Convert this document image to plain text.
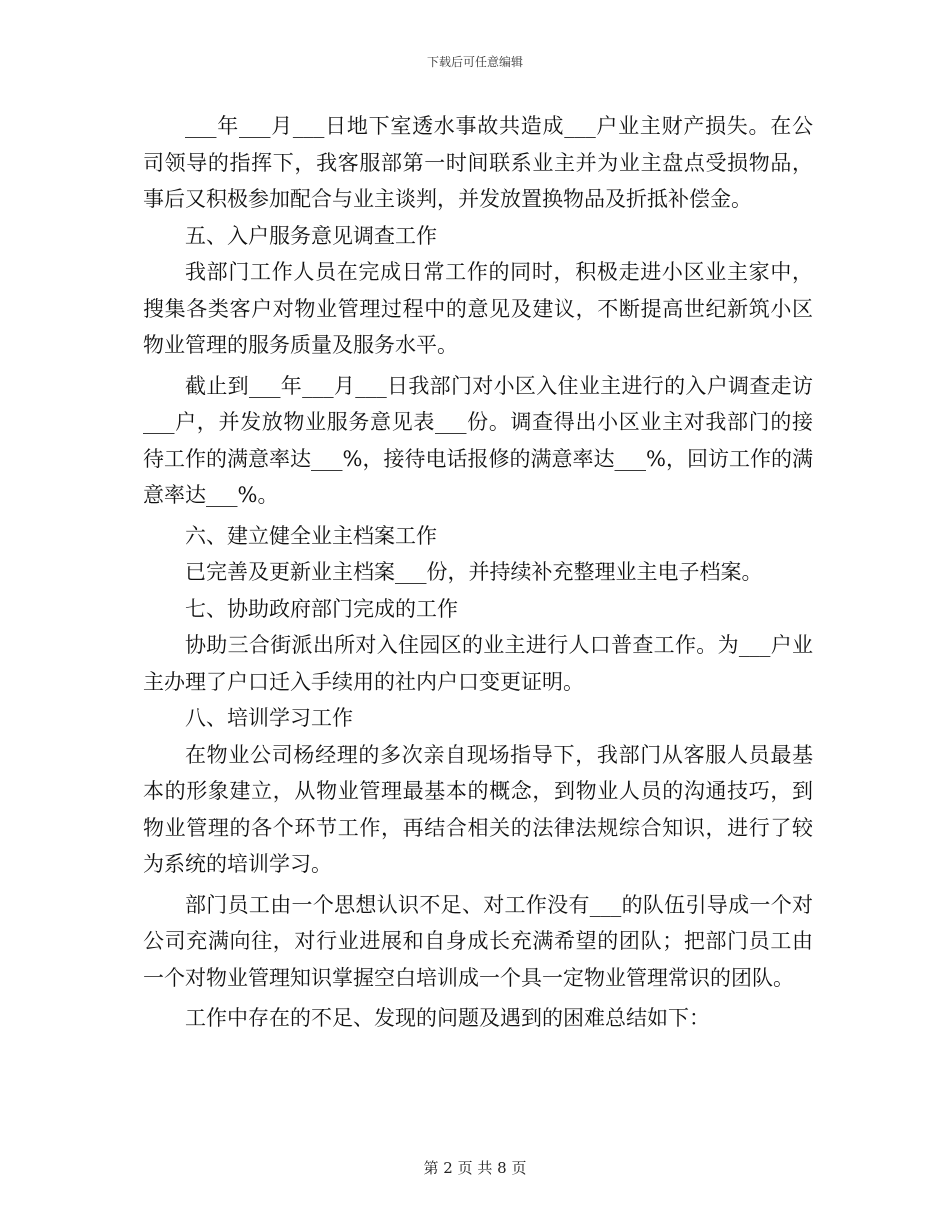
下载后可任意编辑

___年___月___日地下室透水事故共造成___户业主财产损失。在公司领导的指挥下，我客服部第一时间联系业主并为业主盘点受损物品，事后又积极参加配合与业主谈判，并发放置换物品及折抵补偿金。

五、入户服务意见调查工作

我部门工作人员在完成日常工作的同时，积极走进小区业主家中，搜集各类客户对物业管理过程中的意见及建议，不断提高世纪新筑小区物业管理的服务质量及服务水平。

截止到___年___月___日我部门对小区入住业主进行的入户调查走访___户，并发放物业服务意见表___份。调查得出小区业主对我部门的接待工作的满意率达___%，接待电话报修的满意率达___%，回访工作的满意率达___%。

六、建立健全业主档案工作

已完善及更新业主档案___份，并持续补充整理业主电子档案。

七、协助政府部门完成的工作

协助三合街派出所对入住园区的业主进行人口普查工作。为___户业主办理了户口迁入手续用的社内户口变更证明。

八、培训学习工作

在物业公司杨经理的多次亲自现场指导下，我部门从客服人员最基本的形象建立，从物业管理最基本的概念，到物业人员的沟通技巧，到物业管理的各个环节工作，再结合相关的法律法规综合知识，进行了较为系统的培训学习。

部门员工由一个思想认识不足、对工作没有___的队伍引导成一个对公司充满向往，对行业进展和自身成长充满希望的团队；把部门员工由一个对物业管理知识掌握空白培训成一个具一定物业管理常识的团队。

工作中存在的不足、发现的问题及遇到的困难总结如下：

第 2 页 共 8 页
